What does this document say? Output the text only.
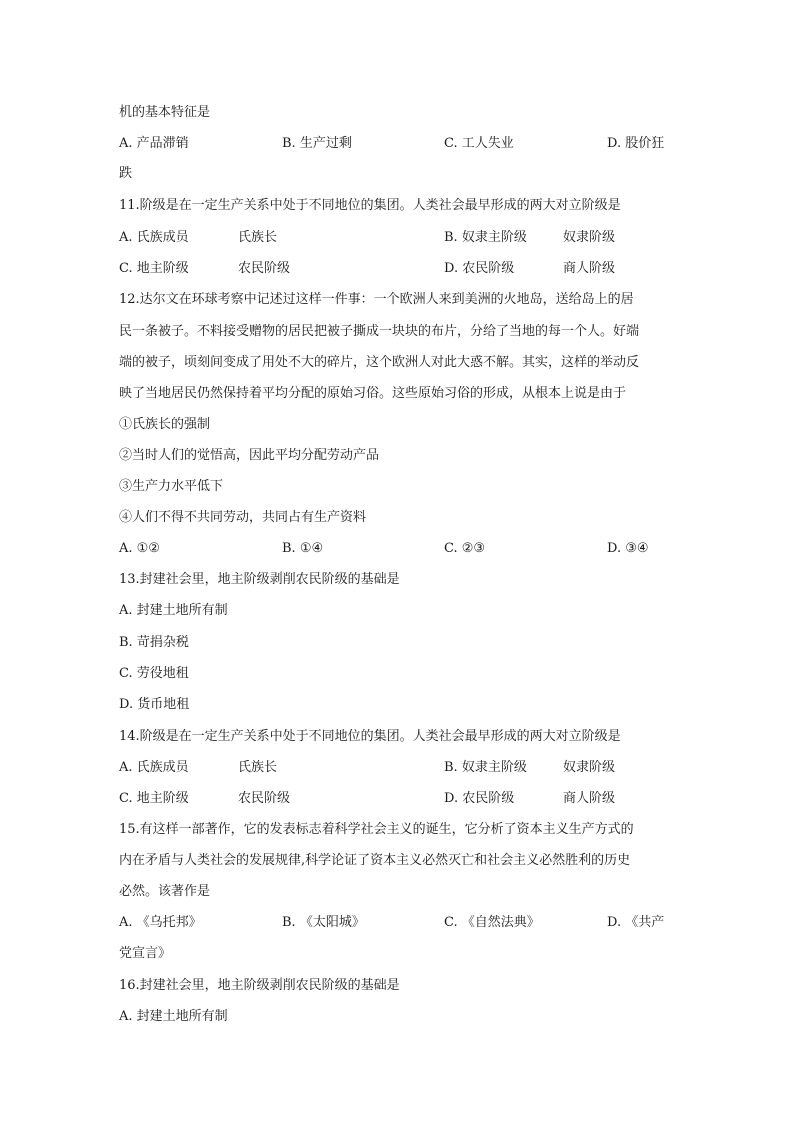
机的基本特征是
A. 产品滞销	B. 生产过剩	C. 工人失业	D. 股价狂
跌
11.阶级是在一定生产关系中处于不同地位的集团。人类社会最早形成的两大对立阶级是
A. 氏族成员	氏族长	B. 奴隶主阶级	奴隶阶级
C. 地主阶级	农民阶级	D. 农民阶级	商人阶级
12.达尔文在环球考察中记述过这样一件事：一个欧洲人来到美洲的火地岛，送给岛上的居
民一条被子。不料接受赠物的居民把被子撕成一块块的布片，分给了当地的每一个人。好端
端的被子，顷刻间变成了用处不大的碎片，这个欧洲人对此大惑不解。其实，这样的举动反
映了当地居民仍然保持着平均分配的原始习俗。这些原始习俗的形成，从根本上说是由于
①氏族长的强制
②当时人们的觉悟高，因此平均分配劳动产品
③生产力水平低下
④人们不得不共同劳动，共同占有生产资料
A. ①②	B. ①④	C. ②③	D. ③④
13.封建社会里，地主阶级剥削农民阶级的基础是
A. 封建土地所有制
B. 苛捐杂税
C. 劳役地租
D. 货币地租
14.阶级是在一定生产关系中处于不同地位的集团。人类社会最早形成的两大对立阶级是
A. 氏族成员	氏族长	B. 奴隶主阶级	奴隶阶级
C. 地主阶级	农民阶级	D. 农民阶级	商人阶级
15.有这样一部著作，它的发表标志着科学社会主义的诞生，它分析了资本主义生产方式的
内在矛盾与人类社会的发展规律,科学论证了资本主义必然灭亡和社会主义必然胜利的历史
必然。该著作是
A. 《乌托邦》	B. 《太阳城》	C. 《自然法典》	D. 《共产
党宣言》
16.封建社会里，地主阶级剥削农民阶级的基础是
A. 封建土地所有制
